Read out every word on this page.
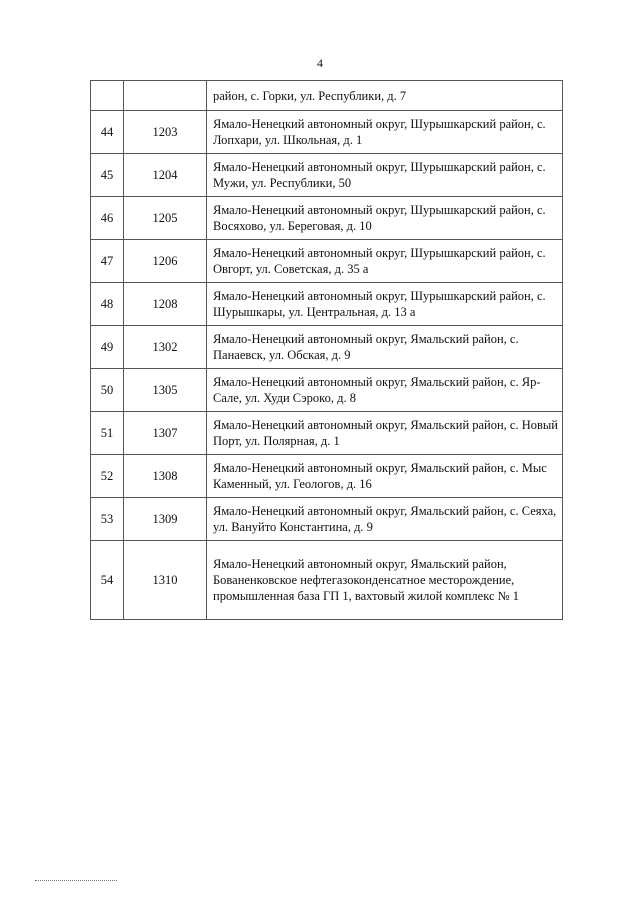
4
		район, с. Горки, ул. Республики, д. 7
44	1203	Ямало-Ненецкий автономный округ, Шурышкарский район, с. Лопхари, ул. Школьная, д. 1
45	1204	Ямало-Ненецкий автономный округ, Шурышкарский район, с. Мужи, ул. Республики, 50
46	1205	Ямало-Ненецкий автономный округ, Шурышкарский район, с. Восяхово, ул. Береговая, д. 10
47	1206	Ямало-Ненецкий автономный округ, Шурышкарский район, с. Овгорт, ул. Советская, д. 35 а
48	1208	Ямало-Ненецкий автономный округ, Шурышкарский район, с. Шурышкары, ул. Центральная, д. 13 а
49	1302	Ямало-Ненецкий автономный округ, Ямальский район, с. Панаевск, ул. Обская, д. 9
50	1305	Ямало-Ненецкий автономный округ, Ямальский район, с. Яр-Сале, ул. Худи Сэроко, д. 8
51	1307	Ямало-Ненецкий автономный округ, Ямальский район, с. Новый Порт, ул. Полярная, д. 1
52	1308	Ямало-Ненецкий автономный округ, Ямальский район, с. Мыс Каменный, ул. Геологов, д. 16
53	1309	Ямало-Ненецкий автономный округ, Ямальский район, с. Сеяха, ул. Вануйто Константина, д. 9
54	1310	Ямало-Ненецкий автономный округ, Ямальский район, Бованенковское нефтегазоконденсатное месторождение, промышленная база ГП 1, вахтовый жилой комплекс № 1
